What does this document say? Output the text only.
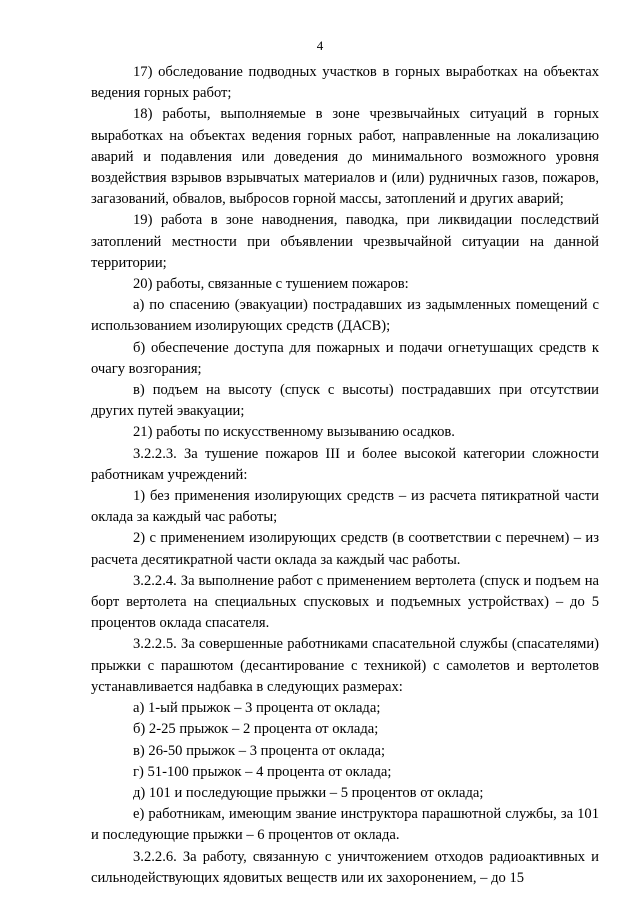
4

17) обследование подводных участков в горных выработках на объектах ведения горных работ;

18) работы, выполняемые в зоне чрезвычайных ситуаций в горных выработках на объектах ведения горных работ, направленные на локализацию аварий и подавления или доведения до минимального возможного уровня воздействия взрывов взрывчатых материалов и (или) рудничных газов, пожаров, загазований, обвалов, выбросов горной массы, затоплений и других аварий;

19) работа в зоне наводнения, паводка, при ликвидации последствий затоплений местности при объявлении чрезвычайной ситуации на данной территории;

20) работы, связанные с тушением пожаров:

а) по спасению (эвакуации) пострадавших из задымленных помещений с использованием изолирующих средств (ДАСВ);

б) обеспечение доступа для пожарных и подачи огнетушащих средств к очагу возгорания;

в) подъем на высоту (спуск с высоты) пострадавших при отсутствии других путей эвакуации;

21) работы по искусственному вызыванию осадков.

3.2.2.3. За тушение пожаров III и более высокой категории сложности работникам учреждений:

1) без применения изолирующих средств – из расчета пятикратной части оклада за каждый час работы;

2) с применением изолирующих средств (в соответствии с перечнем) – из расчета десятикратной части оклада за каждый час работы.

3.2.2.4. За выполнение работ с применением вертолета (спуск и подъем на борт вертолета на специальных спусковых и подъемных устройствах) – до 5 процентов оклада спасателя.

3.2.2.5. За совершенные работниками спасательной службы (спасателями) прыжки с парашютом (десантирование с техникой) с самолетов и вертолетов устанавливается надбавка в следующих размерах:

а) 1-ый прыжок – 3 процента от оклада;

б) 2-25 прыжок – 2 процента от оклада;

в) 26-50 прыжок – 3 процента от оклада;

г) 51-100 прыжок – 4 процента от оклада;

д) 101 и последующие прыжки – 5 процентов от оклада;

е) работникам, имеющим звание инструктора парашютной службы, за 101 и последующие прыжки – 6 процентов от оклада.

3.2.2.6. За работу, связанную с уничтожением отходов радиоактивных и сильнодействующих ядовитых веществ или их захоронением, – до 15
